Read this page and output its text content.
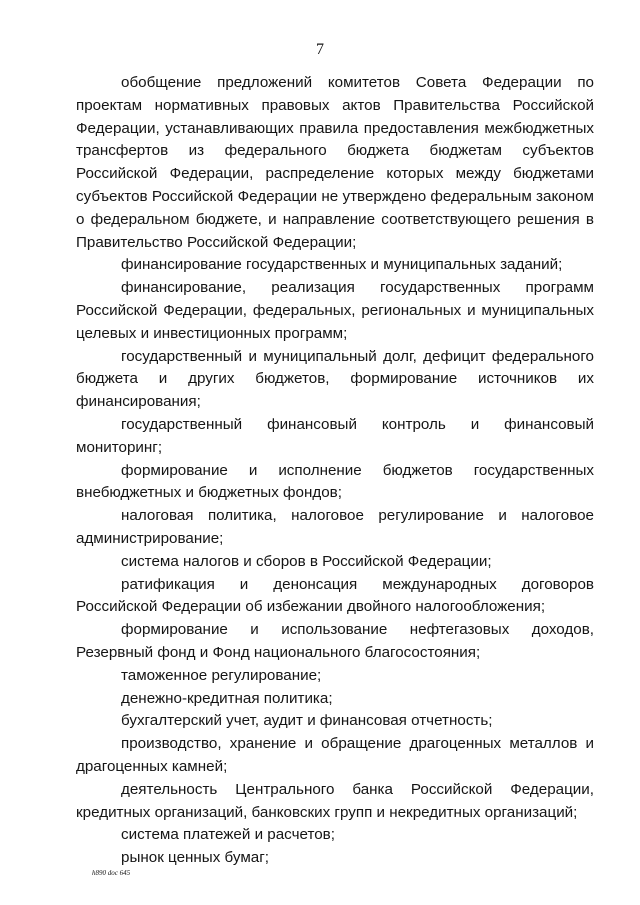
7

обобщение предложений комитетов Совета Федерации по проектам нормативных правовых актов Правительства Российской Федерации, устанавливающих правила предоставления межбюджетных трансфертов из федерального бюджета бюджетам субъектов Российской Федерации, распределение которых между бюджетами субъектов Российской Федерации не утверждено федеральным законом о федеральном бюджете, и направление соответствующего решения в Правительство Российской Федерации;

финансирование государственных и муниципальных заданий;

финансирование, реализация государственных программ Российской Федерации, федеральных, региональных и муниципальных целевых и инвестиционных программ;

государственный и муниципальный долг, дефицит федерального бюджета и других бюджетов, формирование источников их финансирования;

государственный финансовый контроль и финансовый мониторинг;

формирование и исполнение бюджетов государственных внебюджетных и бюджетных фондов;

налоговая политика, налоговое регулирование и налоговое администрирование;

система налогов и сборов в Российской Федерации;

ратификация и денонсация международных договоров Российской Федерации об избежании двойного налогообложения;

формирование и использование нефтегазовых доходов, Резервный фонд и Фонд национального благосостояния;

таможенное регулирование;

денежно-кредитная политика;

бухгалтерский учет, аудит и финансовая отчетность;

производство, хранение и обращение драгоценных металлов и драгоценных камней;

деятельность Центрального банка Российской Федерации, кредитных организаций, банковских групп и некредитных организаций;

система платежей и расчетов;

рынок ценных бумаг;

h890 doc 645
